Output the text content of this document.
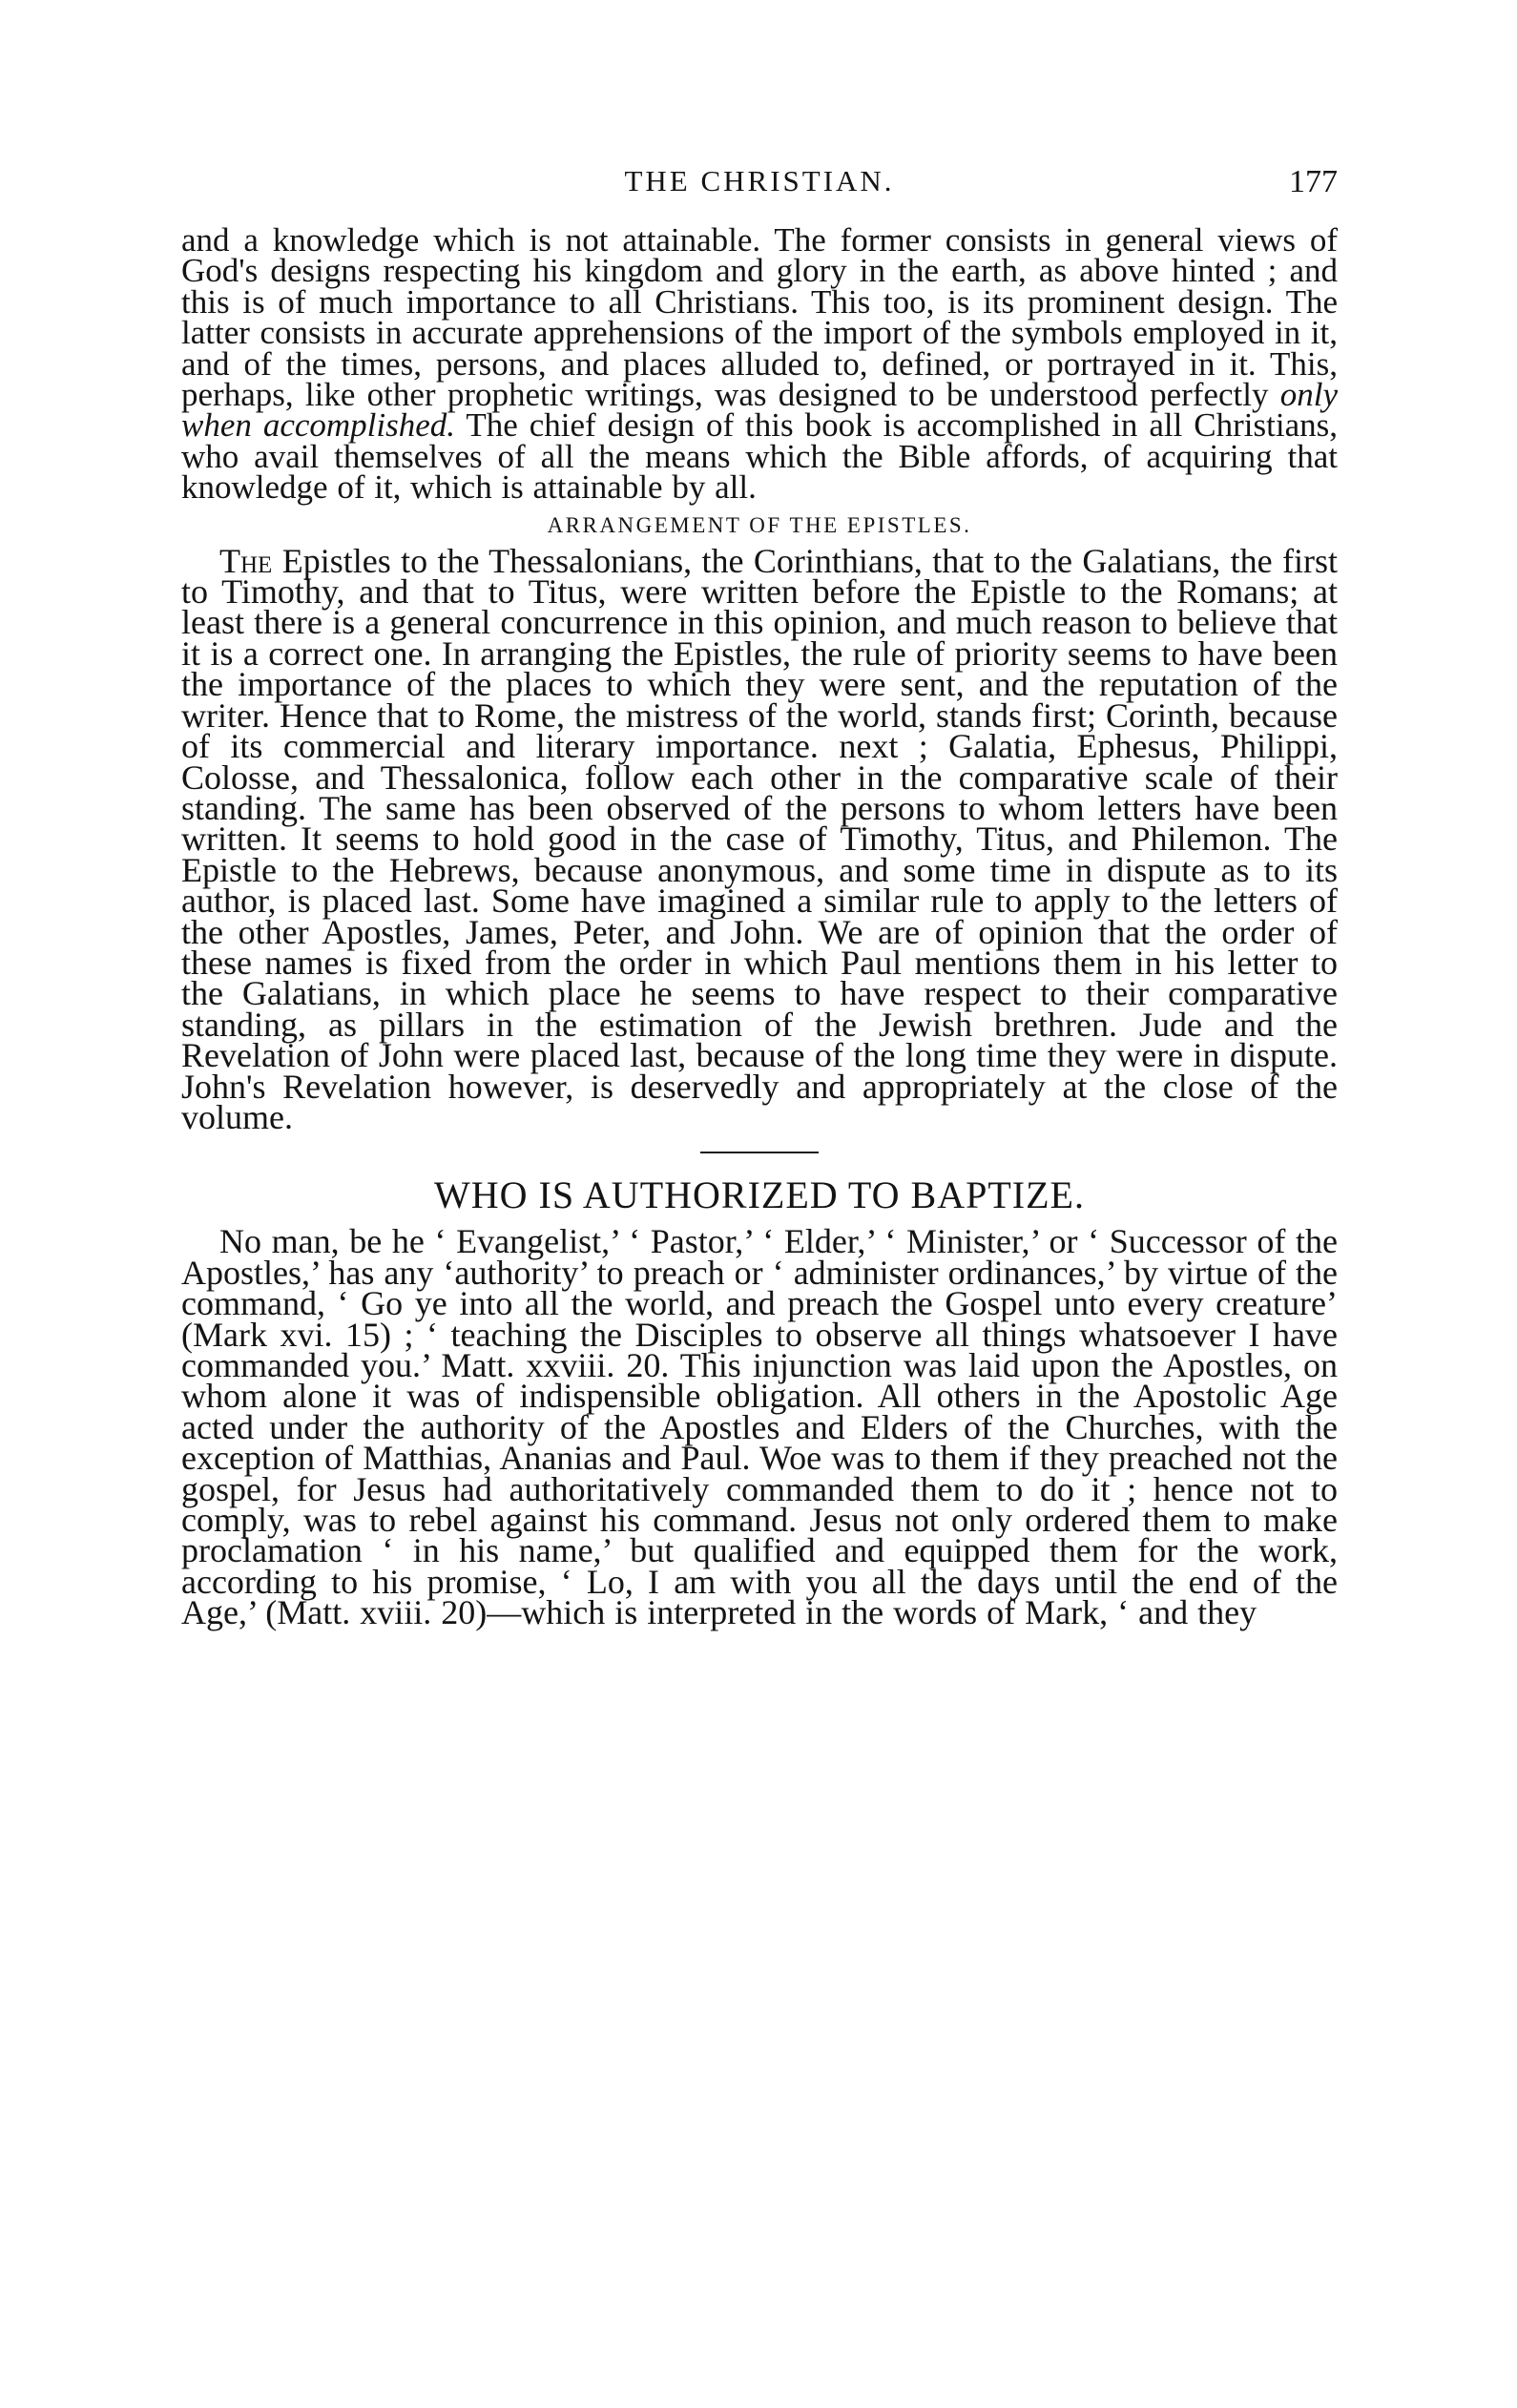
THE CHRISTIAN.	177

and a knowledge which is not attainable. The former consists in general views of God's designs respecting his kingdom and glory in the earth, as above hinted ; and this is of much importance to all Christians. This too, is its prominent design. The latter consists in accurate apprehensions of the import of the symbols employed in it, and of the times, persons, and places alluded to, defined, or portrayed in it. This, perhaps, like other prophetic writings, was designed to be understood perfectly only when accomplished. The chief design of this book is accomplished in all Christians, who avail themselves of all the means which the Bible affords, of acquiring that knowledge of it, which is attainable by all.

ARRANGEMENT OF THE EPISTLES.

The Epistles to the Thessalonians, the Corinthians, that to the Galatians, the first to Timothy, and that to Titus, were written before the Epistle to the Romans; at least there is a general concurrence in this opinion, and much reason to believe that it is a correct one. In arranging the Epistles, the rule of priority seems to have been the importance of the places to which they were sent, and the reputation of the writer. Hence that to Rome, the mistress of the world, stands first; Corinth, because of its commercial and literary importance. next ; Galatia, Ephesus, Philippi, Colosse, and Thessalonica, follow each other in the comparative scale of their standing. The same has been observed of the persons to whom letters have been written. It seems to hold good in the case of Timothy, Titus, and Philemon. The Epistle to the Hebrews, because anonymous, and some time in dispute as to its author, is placed last. Some have imagined a similar rule to apply to the letters of the other Apostles, James, Peter, and John. We are of opinion that the order of these names is fixed from the order in which Paul mentions them in his letter to the Galatians, in which place he seems to have respect to their comparative standing, as pillars in the estimation of the Jewish brethren. Jude and the Revelation of John were placed last, because of the long time they were in dispute. John's Revelation however, is deservedly and appropriately at the close of the volume.

WHO IS AUTHORIZED TO BAPTIZE.

No man, be he ‘ Evangelist,’ ‘ Pastor,’ ‘ Elder,’ ‘ Minister,’ or ‘ Successor of the Apostles,’ has any ‘authority’ to preach or ‘ administer ordinances,’ by virtue of the command, ‘ Go ye into all the world, and preach the Gospel unto every creature’ (Mark xvi. 15) ; ‘ teaching the Disciples to observe all things whatsoever I have commanded you.’ Matt. xxviii. 20. This injunction was laid upon the Apostles, on whom alone it was of indispensible obligation. All others in the Apostolic Age acted under the authority of the Apostles and Elders of the Churches, with the exception of Matthias, Ananias and Paul. Woe was to them if they preached not the gospel, for Jesus had authoritatively commanded them to do it ; hence not to comply, was to rebel against his command. Jesus not only ordered them to make proclamation ‘ in his name,’ but qualified and equipped them for the work, according to his promise, ‘ Lo, I am with you all the days until the end of the Age,’ (Matt. xviii. 20)—which is interpreted in the words of Mark, ‘ and they
